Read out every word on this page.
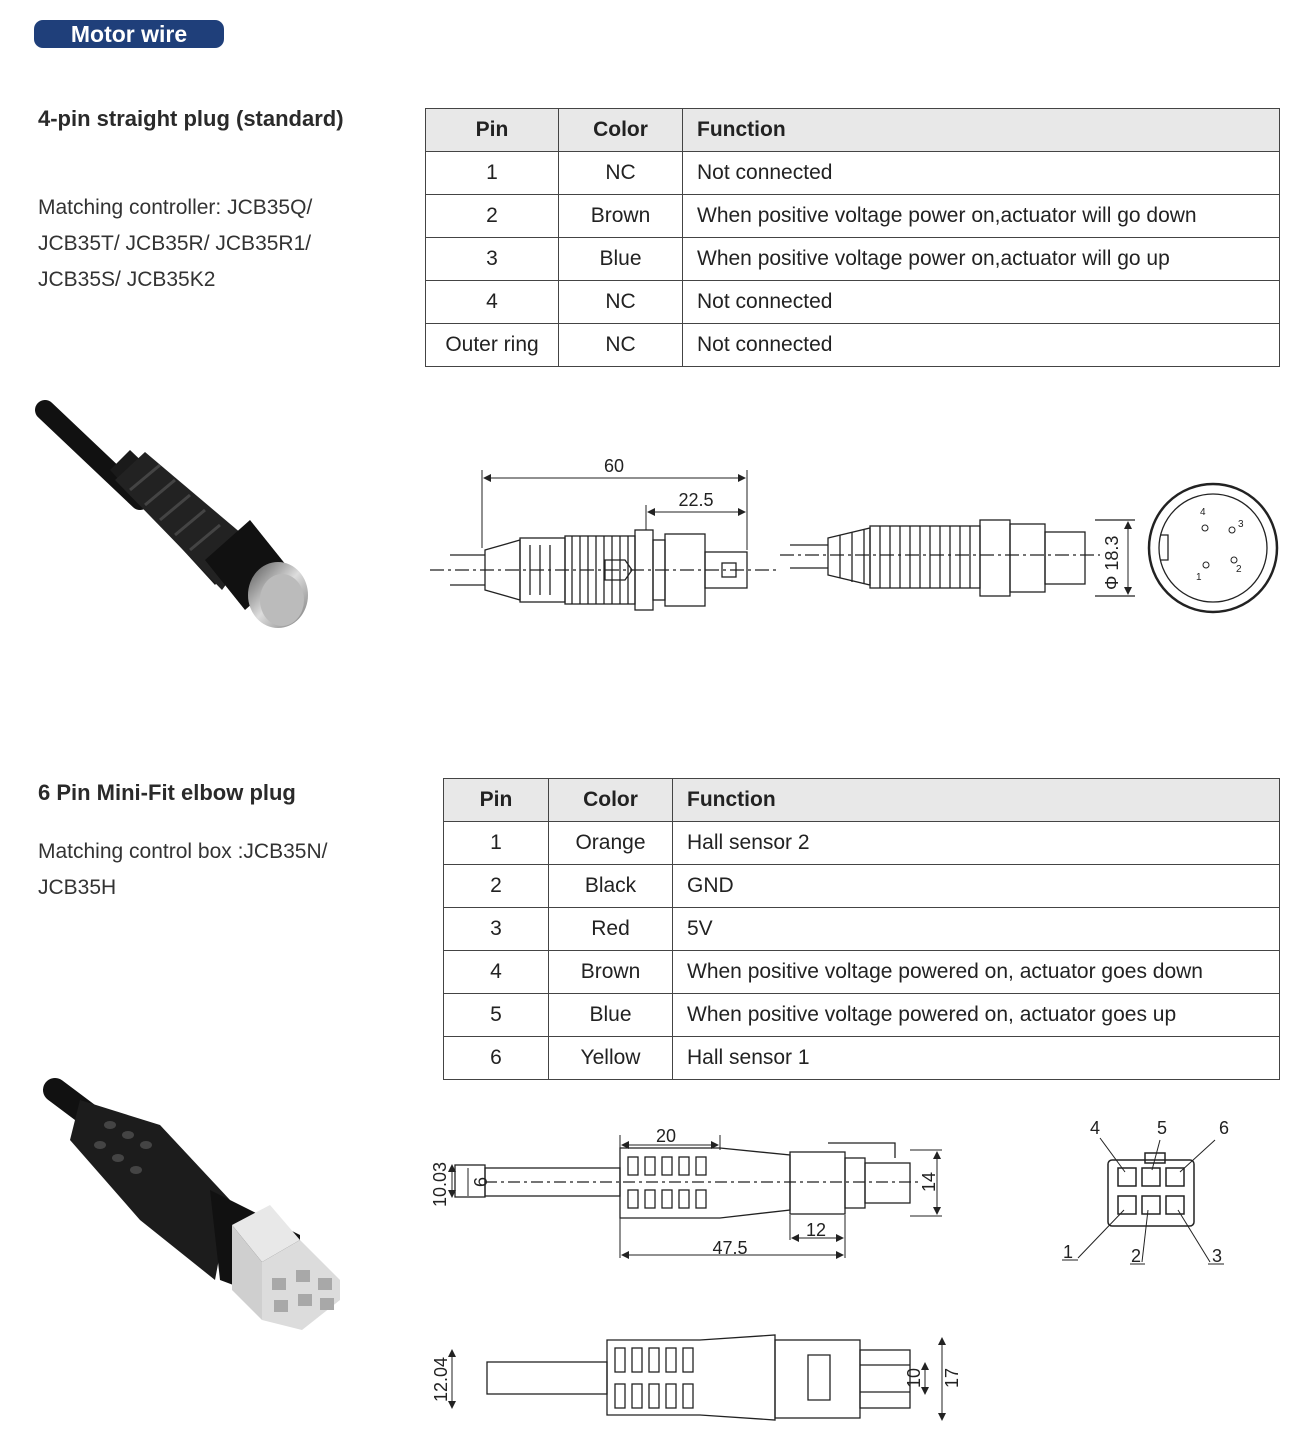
Motor wire
4-pin straight plug (standard)
Matching controller: JCB35Q/
JCB35T/ JCB35R/ JCB35R1/
JCB35S/ JCB35K2
Pin	Color	Function
1	NC	Not connected
2	Brown	When positive voltage power on,actuator will go down
3	Blue	When positive voltage power on,actuator will go up
4	NC	Not connected
Outer ring	NC	Not connected
6 Pin Mini-Fit elbow plug
Matching control box :JCB35N/
JCB35H
Pin	Color	Function
1	Orange	Hall sensor 2
2	Black	GND
3	Red	5V
4	Brown	When positive voltage powered on, actuator goes down
5	Blue	When positive voltage powered on, actuator goes up
6	Yellow	Hall sensor 1
60
22.5
Φ 18.3
4
3
1
2
20
12
47.5
10.03 6	14
4	5	6
1	2	3
12.04	10 17
